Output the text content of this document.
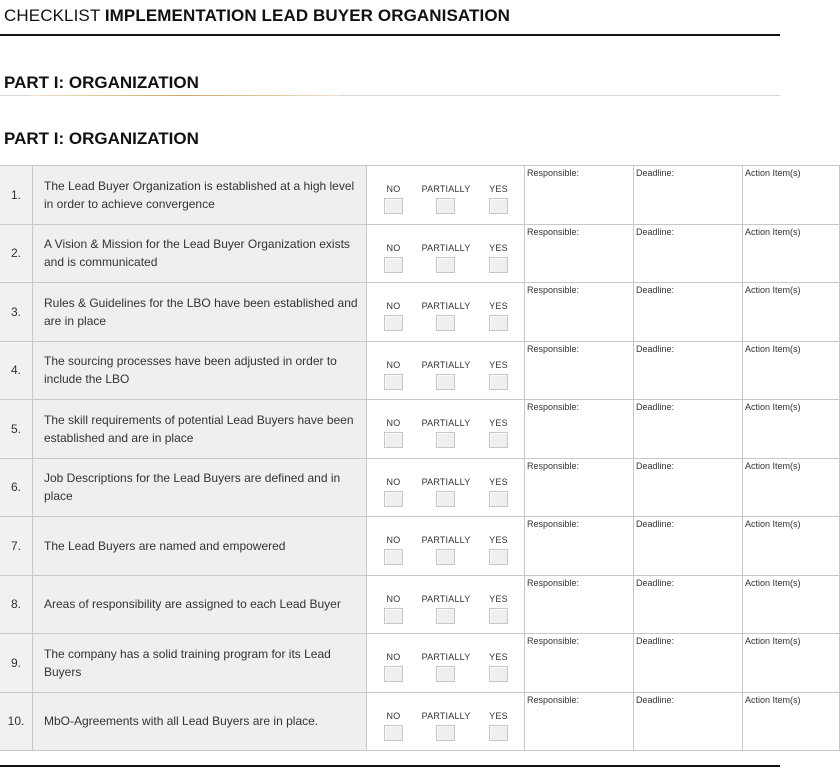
CHECKLIST IMPLEMENTATION LEAD BUYER ORGANISATION
PART I: ORGANIZATION
PART I: ORGANIZATION
1.	The Lead Buyer Organization is established at a high level in order to achieve convergence	NO PARTIALLY YES	Responsible:	Deadline:	Action Item(s)

2.	A Vision & Mission for the Lead Buyer Organization exists and is communicated	NO PARTIALLY YES	Responsible:	Deadline:	Action Item(s)

3.	Rules & Guidelines for the LBO have been established and are in place	NO PARTIALLY YES	Responsible:	Deadline:	Action Item(s)

4.	The sourcing processes have been adjusted in order to include the LBO	NO PARTIALLY YES	Responsible:	Deadline:	Action Item(s)

5.	The skill requirements of potential Lead Buyers have been established and are in place	NO PARTIALLY YES	Responsible:	Deadline:	Action Item(s)

6.	Job Descriptions for the Lead Buyers are defined and in place	NO PARTIALLY YES	Responsible:	Deadline:	Action Item(s)

7.	The Lead Buyers are named and empowered	NO PARTIALLY YES	Responsible:	Deadline:	Action Item(s)

8.	Areas of responsibility are assigned to each Lead Buyer	NO PARTIALLY YES	Responsible:	Deadline:	Action Item(s)

9.	The company has a solid training program for its Lead Buyers	NO PARTIALLY YES	Responsible:	Deadline:	Action Item(s)

10.	MbO-Agreements with all Lead Buyers are in place.	NO PARTIALLY YES	Responsible:	Deadline:	Action Item(s)
